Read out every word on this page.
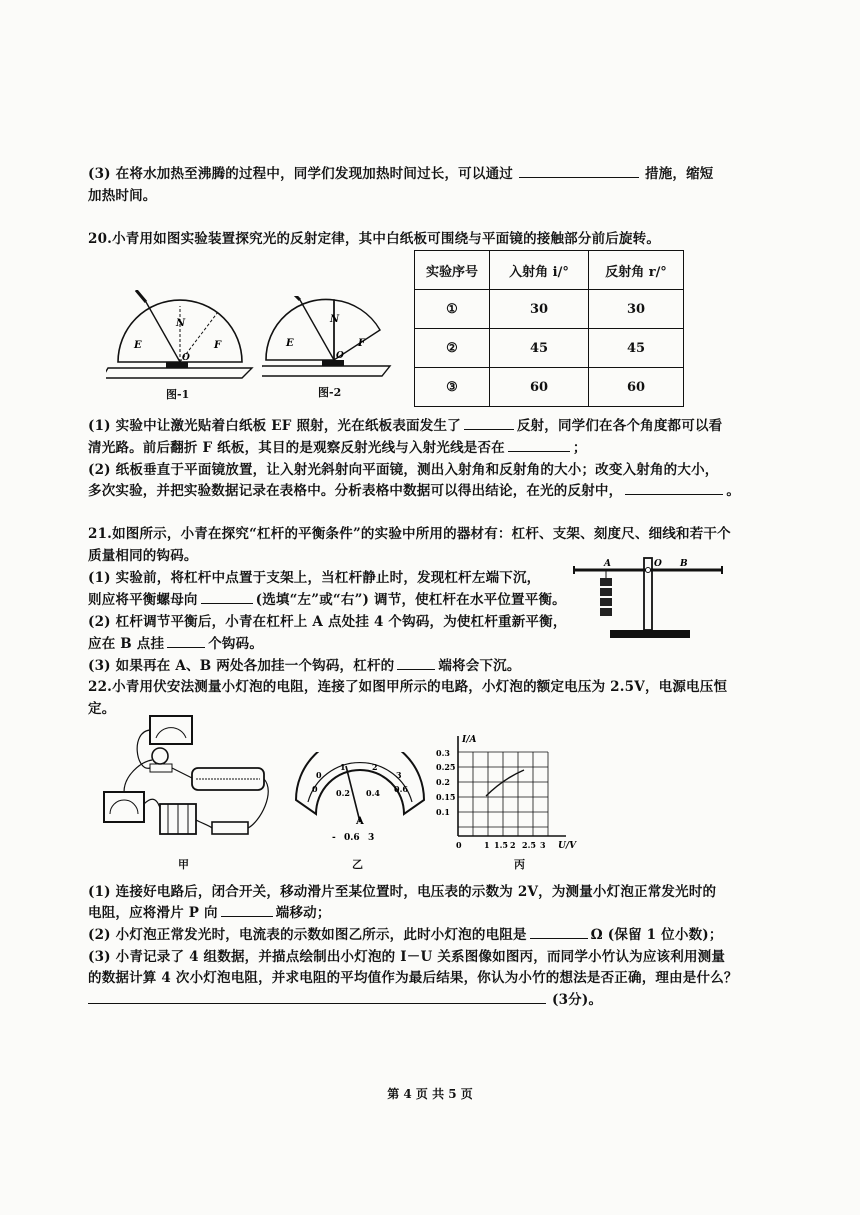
(3) 在将水加热至沸腾的过程中，同学们发现加热时间过长，可以通过	措施，缩短
加热时间。
20.小青用如图实验装置探究光的反射定律，其中白纸板可围绕与平面镜的接触部分前后旋转。
E
N
F
O
图-1
E
N
F
O
图-2
实验序号	入射角 i/°	反射角 r/°
①	30	30
②	45	45
③	60	60
(1) 实验中让激光贴着白纸板 EF 照射，光在纸板表面发生了	反射，同学们在各个角度都可以看
清光路。前后翻折 F 纸板，其目的是观察反射光线与入射光线是否在	；
(2) 纸板垂直于平面镜放置，让入射光斜射向平面镜，测出入射角和反射角的大小；改变入射角的大小，
多次实验，并把实验数据记录在表格中。分析表格中数据可以得出结论，在光的反射中，	。
21.如图所示，小青在探究“杠杆的平衡条件”的实验中所用的器材有：杠杆、支架、刻度尺、细线和若干个
质量相同的钩码。
(1) 实验前，将杠杆中点置于支架上，当杠杆静止时，发现杠杆左端下沉，
则应将平衡螺母向	(选填“左”或“右”) 调节，使杠杆在水平位置平衡。
(2) 杠杆调节平衡后，小青在杠杆上 A 点处挂 4 个钩码，为使杠杆重新平衡，
应在 B 点挂	个钩码。
(3) 如果再在 A、B 两处各加挂一个钩码，杠杆的	端将会下沉。
A	O B
22.小青用伏安法测量小灯泡的电阻，连接了如图甲所示的电路，小灯泡的额定电压为 2.5V，电源电压恒
定。
甲
0 0.2 0.4 0.6
0
1	2
3
A
- 0.6 3
乙
I/A
U/V
0.3
0.25
0.2
0.15
0.1
0	1 1.5 2 2.5 3
丙
(1) 连接好电路后，闭合开关，移动滑片至某位置时，电压表的示数为 2V，为测量小灯泡正常发光时的
电阻，应将滑片 P 向	端移动；
(2) 小灯泡正常发光时，电流表的示数如图乙所示，此时小灯泡的电阻是	Ω (保留 1 位小数)；
(3) 小青记录了 4 组数据，并描点绘制出小灯泡的 I－U 关系图像如图丙，而同学小竹认为应该利用测量
的数据计算 4 次小灯泡电阻，并求电阻的平均值作为最后结果，你认为小竹的想法是否正确，理由是什么？
(3分)。
第 4 页 共 5 页
